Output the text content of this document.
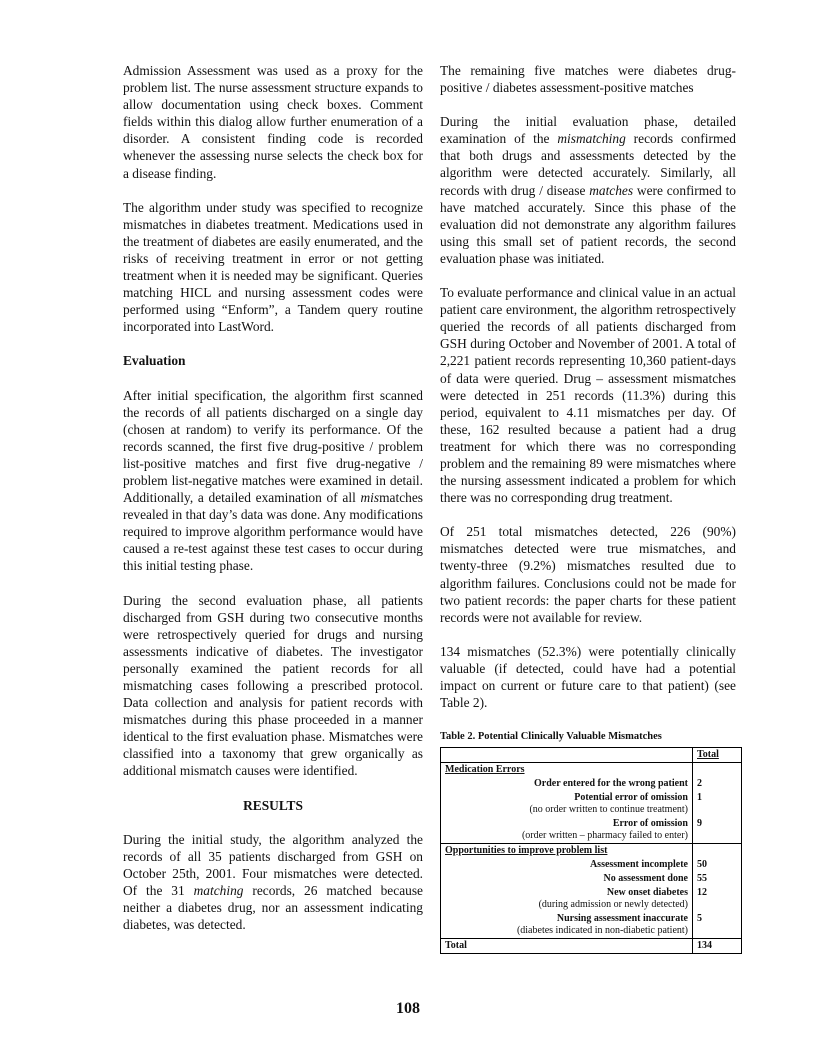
Admission Assessment was used as a proxy for the problem list. The nurse assessment structure expands to allow documentation using check boxes. Comment fields within this dialog allow further enumeration of a disorder. A consistent finding code is recorded whenever the assessing nurse selects the check box for a disease finding.

The algorithm under study was specified to recognize mismatches in diabetes treatment. Medications used in the treatment of diabetes are easily enumerated, and the risks of receiving treatment in error or not getting treatment when it is needed may be significant. Queries matching HICL and nursing assessment codes were performed using “Enform”, a Tandem query routine incorporated into LastWord.

Evaluation

After initial specification, the algorithm first scanned the records of all patients discharged on a single day (chosen at random) to verify its performance. Of the records scanned, the first five drug-positive / problem list-positive matches and first five drug-negative / problem list-negative matches were examined in detail. Additionally, a detailed examination of all mismatches revealed in that day’s data was done. Any modifications required to improve algorithm performance would have caused a re-test against these test cases to occur during this initial testing phase.

During the second evaluation phase, all patients discharged from GSH during two consecutive months were retrospectively queried for drugs and nursing assessments indicative of diabetes. The investigator personally examined the patient records for all mismatching cases following a prescribed protocol. Data collection and analysis for patient records with mismatches during this phase proceeded in a manner identical to the first evaluation phase. Mismatches were classified into a taxonomy that grew organically as additional mismatch causes were identified.

RESULTS

During the initial study, the algorithm analyzed the records of all 35 patients discharged from GSH on October 25th, 2001. Four mismatches were detected. Of the 31 matching records, 26 matched because neither a diabetes drug, nor an assessment indicating diabetes, was detected.

The remaining five matches were diabetes drug-positive / diabetes assessment-positive matches

During the initial evaluation phase, detailed examination of the mismatching records confirmed that both drugs and assessments detected by the algorithm were detected accurately. Similarly, all records with drug / disease matches were confirmed to have matched accurately. Since this phase of the evaluation did not demonstrate any algorithm failures using this small set of patient records, the second evaluation phase was initiated.

To evaluate performance and clinical value in an actual patient care environment, the algorithm retrospectively queried the records of all patients discharged from GSH during October and November of 2001. A total of 2,221 patient records representing 10,360 patient-days of data were queried. Drug – assessment mismatches were detected in 251 records (11.3%) during this period, equivalent to 4.11 mismatches per day. Of these, 162 resulted because a patient had a drug treatment for which there was no corresponding problem and the remaining 89 were mismatches where the nursing assessment indicated a problem for which there was no corresponding drug treatment.

Of 251 total mismatches detected, 226 (90%) mismatches detected were true mismatches, and twenty-three (9.2%) mismatches resulted due to algorithm failures. Conclusions could not be made for two patient records: the paper charts for these patient records were not available for review.

134 mismatches (52.3%) were potentially clinically valuable (if detected, could have had a potential impact on current or future care to that patient) (see Table 2).

Table 2. Potential Clinically Valuable Mismatches
	Total
Medication Errors	
Order entered for the wrong patient	2
Potential error of omission
(no order written to continue treatment)	1
Error of omission
(order written – pharmacy failed to enter)	9
Opportunities to improve problem list	
Assessment incomplete	50
No assessment done	55
New onset diabetes
(during admission or newly detected)	12
Nursing assessment inaccurate
(diabetes indicated in non-diabetic patient)	5
Total	134
108
